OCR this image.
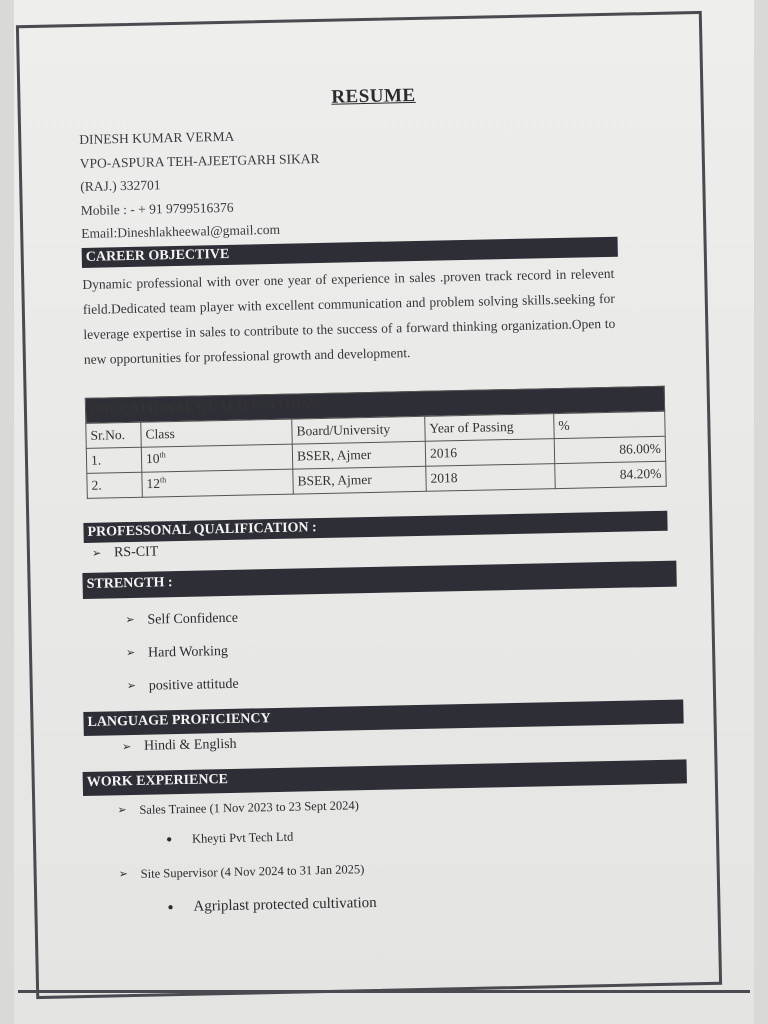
RESUME
DINESH KUMAR VERMA
VPO-ASPURA TEH-AJEETGARH SIKAR
(RAJ.) 332701
Mobile : - + 91 9799516376
Email:Dineshlakheewal@gmail.com
CAREER OBJECTIVE
Dynamic professional with over one year of experience in sales .proven track record in relevent field.Dedicated team player with excellent communication and problem solving skills.seeking for leverage expertise in sales to contribute to the success of a forward thinking organization.Open to new opportunities for professional growth and development.
EDUCATIONAL QUALIFICATIONS				
Sr.No.	Class	Board/University	Year of Passing	%
1.	10th	BSER, Ajmer	2016	86.00%
2.	12th	BSER, Ajmer	2018	84.20%
PROFESSONAL QUALIFICATION :
➢ RS-CIT
STRENGTH :
➢ Self Confidence
➢ Hard Working
➢ positive attitude
LANGUAGE PROFICIENCY
➢ Hindi & English
WORK EXPERIENCE
➢	Sales Trainee (1 Nov 2023 to 23 Sept 2024)
•	Kheyti Pvt Tech Ltd
➢	Site Supervisor (4 Nov 2024 to 31 Jan 2025)
•	Agriplast protected cultivation
